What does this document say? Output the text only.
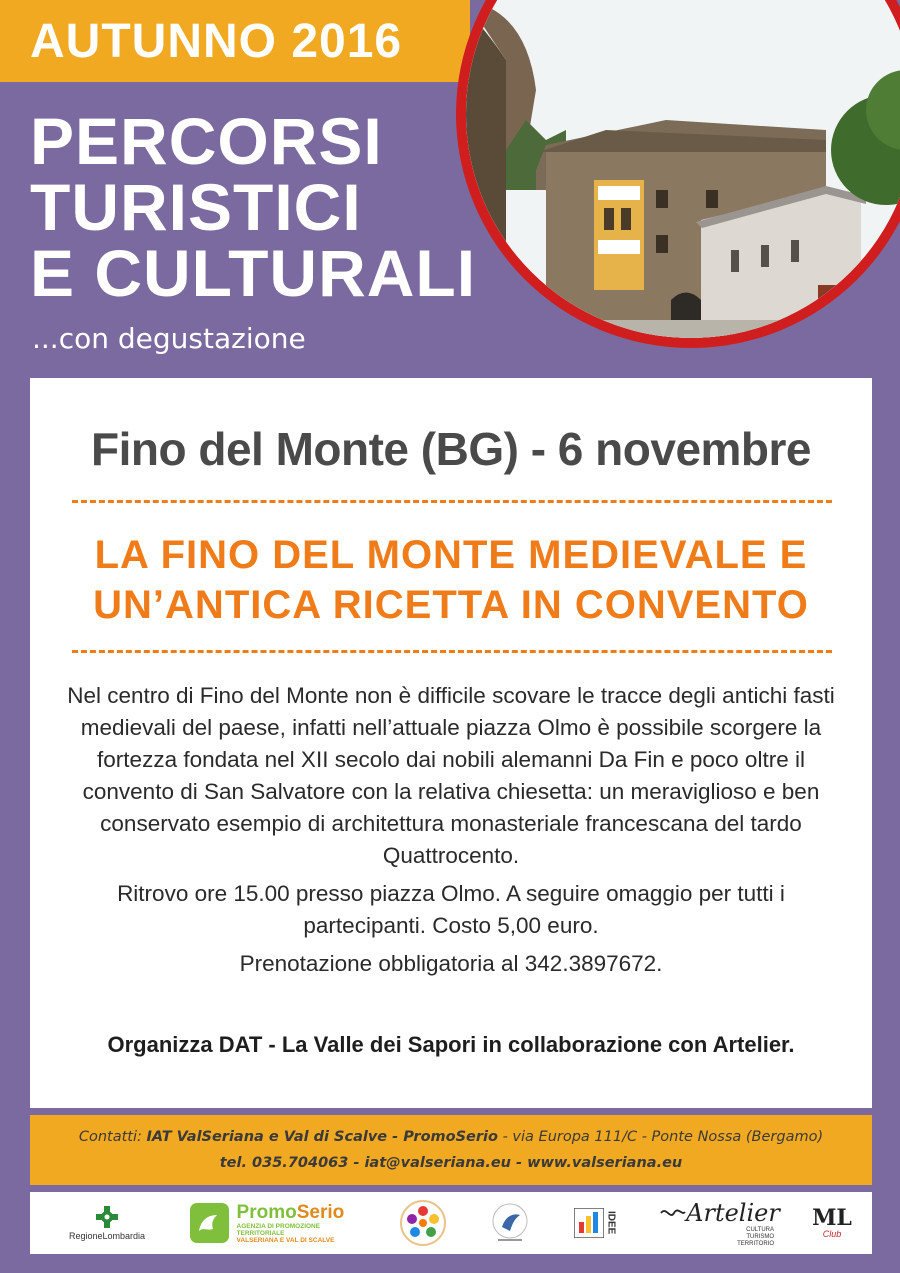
AUTUNNO 2016
PERCORSI
TURISTICI
E CULTURALI
...con degustazione
Fino del Monte (BG) - 6 novembre
LA FINO DEL MONTE MEDIEVALE E
UN’ANTICA RICETTA IN CONVENTO

Nel centro di Fino del Monte non è difficile scovare le tracce degli antichi fasti medievali del paese, infatti nell’attuale piazza Olmo è possibile scorgere la fortezza fondata nel XII secolo dai nobili alemanni Da Fin e poco oltre il convento di San Salvatore con la relativa chiesetta: un meraviglioso e ben conservato esempio di architettura monasteriale francescana del tardo Quattrocento.

Ritrovo ore 15.00 presso piazza Olmo. A seguire omaggio per tutti i partecipanti. Costo 5,00 euro.

Prenotazione obbligatoria al 342.3897672.

Organizza DAT - La Valle dei Sapori in collaborazione con Artelier.
Contatti: IAT ValSeriana e Val di Scalve - PromoSerio - via Europa 111/C - Ponte Nossa (Bergamo)
tel. 035.704063 - iat@valseriana.eu - www.valseriana.eu
RegioneLombardia
PromoSerio
AGENZIA DI PROMOZIONE TERRITORIALE
VALSERIANA E VAL DI SCALVE
IDEE	Artelier
CULTURA
TURISMO
TERRITORIO
ML
Club
